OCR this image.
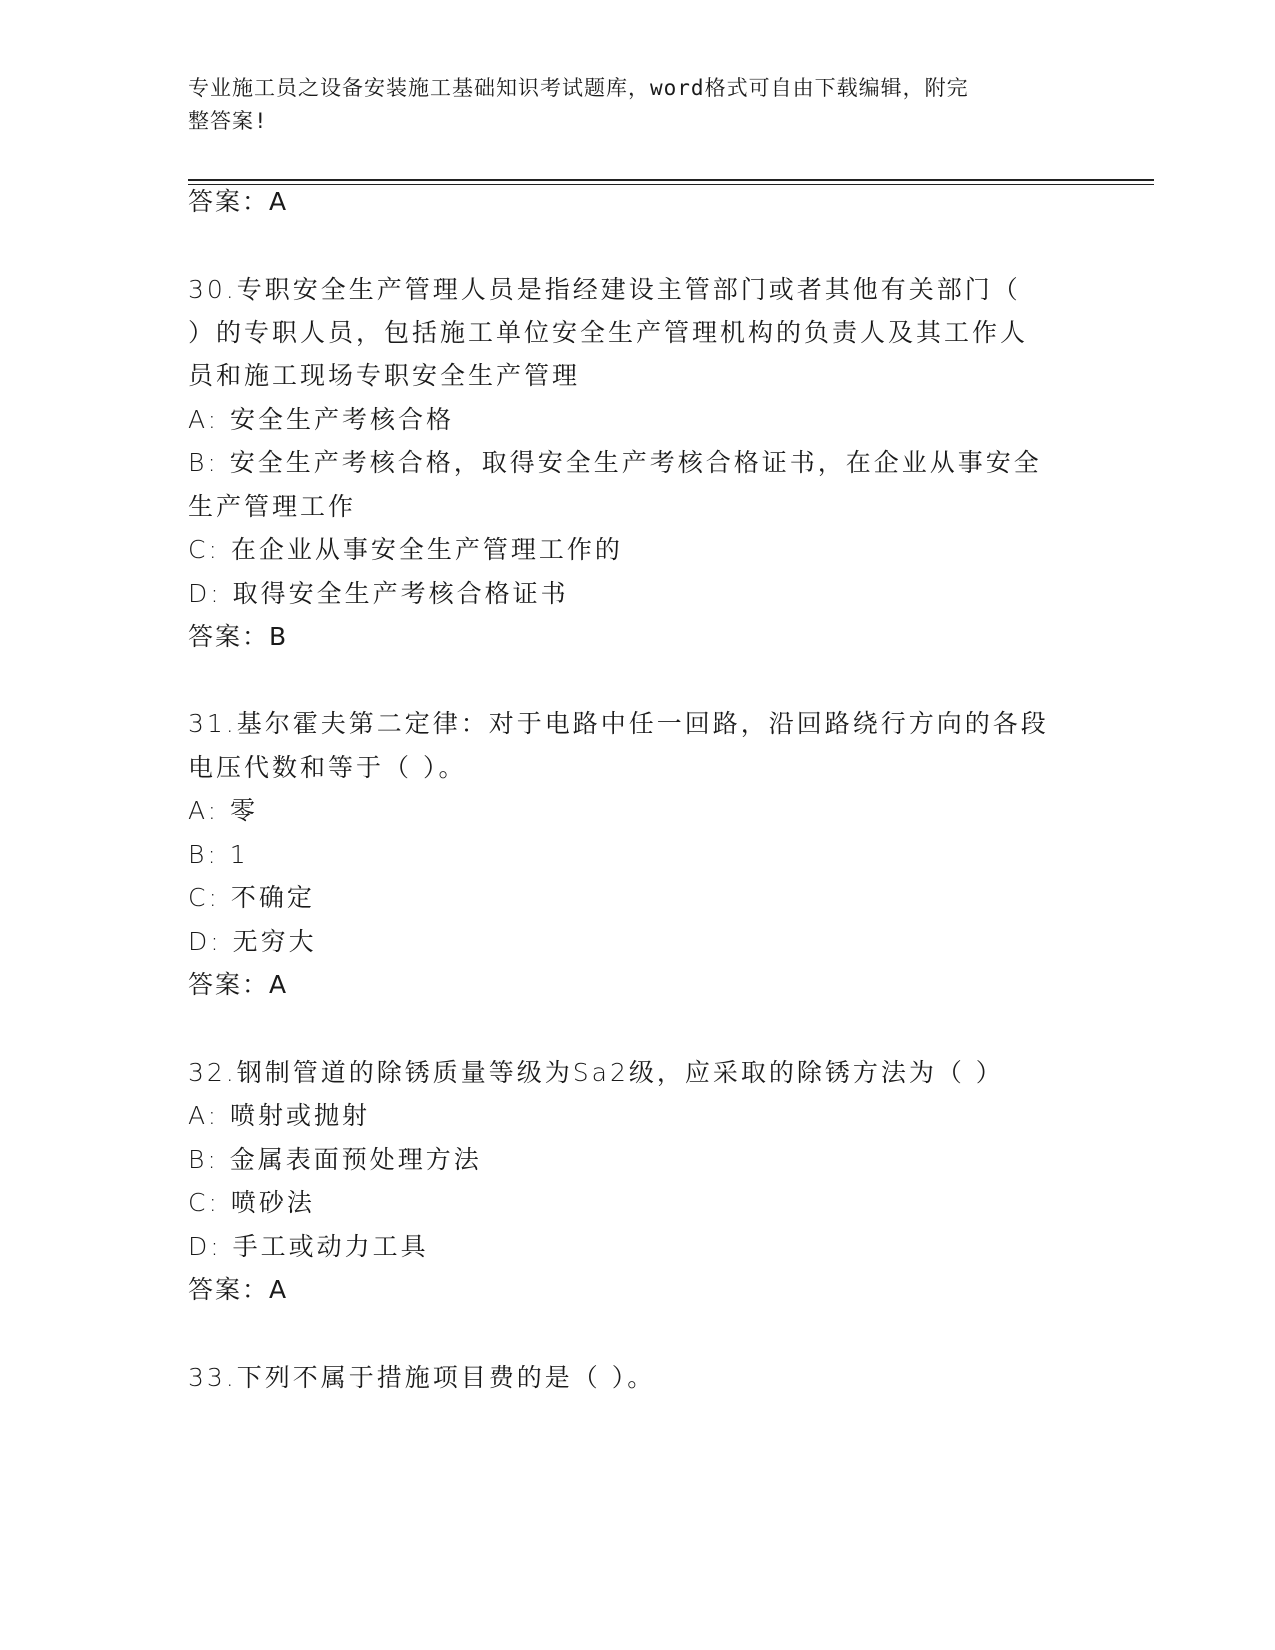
专业施工员之设备安装施工基础知识考试题库，word格式可自由下载编辑，附完
整答案!
答案：A
30.专职安全生产管理人员是指经建设主管部门或者其他有关部门（
）的专职人员，包括施工单位安全生产管理机构的负责人及其工作人
员和施工现场专职安全生产管理
A: 安全生产考核合格
B: 安全生产考核合格，取得安全生产考核合格证书，在企业从事安全
生产管理工作
C: 在企业从事安全生产管理工作的
D: 取得安全生产考核合格证书
答案：B
31.基尔霍夫第二定律：对于电路中任一回路，沿回路绕行方向的各段
电压代数和等于（ ）。
A: 零
B: 1
C: 不确定
D: 无穷大
答案：A
32.钢制管道的除锈质量等级为Sa2级，应采取的除锈方法为（ ）
A: 喷射或抛射
B: 金属表面预处理方法
C: 喷砂法
D: 手工或动力工具
答案：A
33.下列不属于措施项目费的是（ ）。
